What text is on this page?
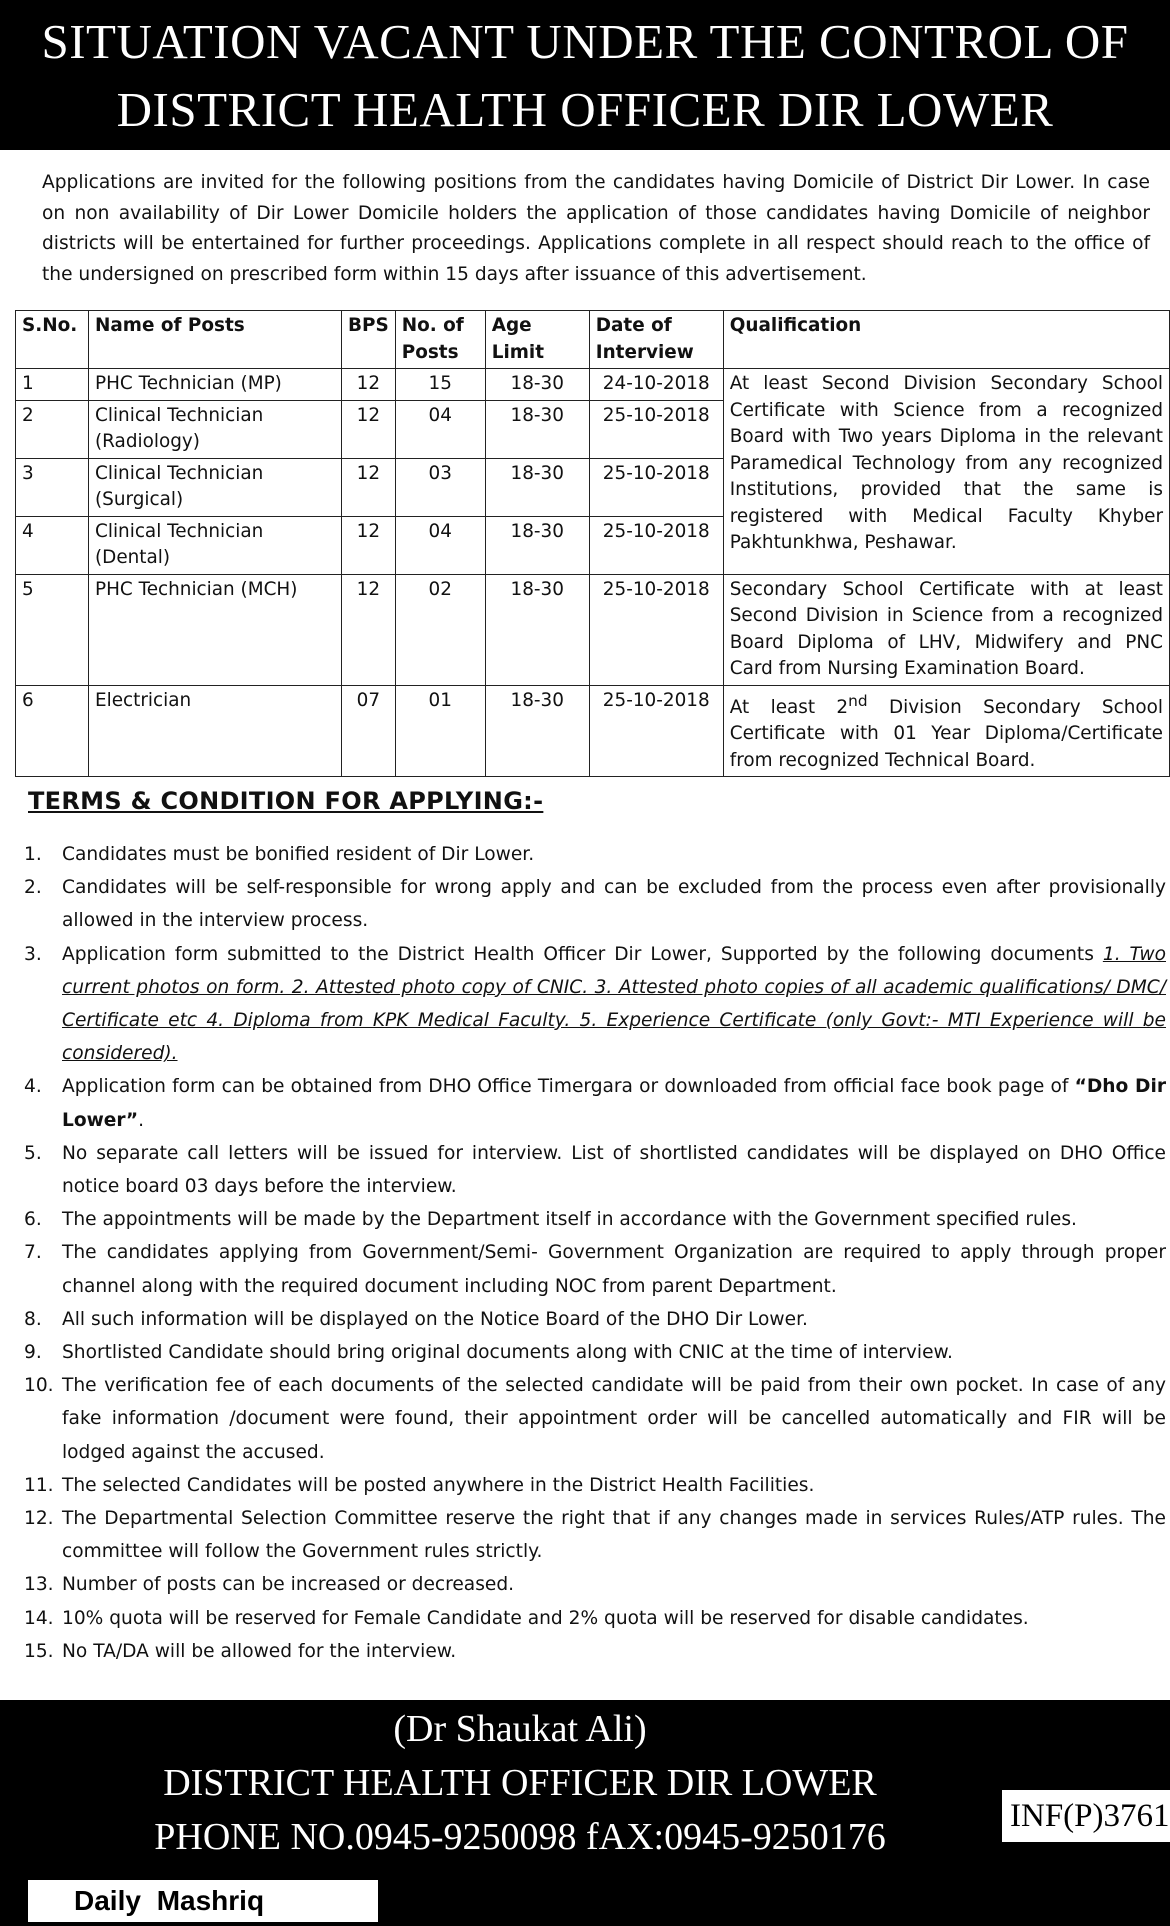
SITUATION VACANT UNDER THE CONTROL OF
DISTRICT HEALTH OFFICER DIR LOWER
Applications are invited for the following positions from the candidates having Domicile of District Dir Lower. In case on non availability of Dir Lower Domicile holders the application of those candidates having Domicile of neighbor districts will be entertained for further proceedings. Applications complete in all respect should reach to the office of the undersigned on prescribed form within 15 days after issuance of this advertisement.
S.No.	Name of Posts	BPS	No. of Posts	Age Limit	Date of Interview	Qualification
1	PHC Technician (MP)	12	15	18-30	24-10-2018	At least Second Division Secondary School Certificate with Science from a recognized Board with Two years Diploma in the relevant Paramedical Technology from any recognized Institutions, provided that the same is registered with Medical Faculty Khyber Pakhtunkhwa, Peshawar.
2	Clinical Technician (Radiology)	12	04	18-30	25-10-2018	
3	Clinical Technician (Surgical)	12	03	18-30	25-10-2018	
4	Clinical Technician (Dental)	12	04	18-30	25-10-2018	
5	PHC Technician (MCH)	12	02	18-30	25-10-2018	Secondary School Certificate with at least Second Division in Science from a recognized Board Diploma of LHV, Midwifery and PNC Card from Nursing Examination Board.
6	Electrician	07	01	18-30	25-10-2018	At least 2nd Division Secondary School Certificate with 01 Year Diploma/Certificate from recognized Technical Board.
TERMS & CONDITION FOR APPLYING:-
1.	Candidates must be bonified resident of Dir Lower.
2.	Candidates will be self-responsible for wrong apply and can be excluded from the process even after provisionally allowed in the interview process.
3.	Application form submitted to the District Health Officer Dir Lower, Supported by the following documents 1. Two current photos on form. 2. Attested photo copy of CNIC. 3. Attested photo copies of all academic qualifications/ DMC/ Certificate etc 4. Diploma from KPK Medical Faculty. 5. Experience Certificate (only Govt:- MTI Experience will be considered).
4.	Application form can be obtained from DHO Office Timergara or downloaded from official face book page of “Dho Dir Lower”.
5.	No separate call letters will be issued for interview. List of shortlisted candidates will be displayed on DHO Office notice board 03 days before the interview.
6.	The appointments will be made by the Department itself in accordance with the Government specified rules.
7.	The candidates applying from Government/Semi- Government Organization are required to apply through proper channel along with the required document including NOC from parent Department.
8.	All such information will be displayed on the Notice Board of the DHO Dir Lower.
9.	Shortlisted Candidate should bring original documents along with CNIC at the time of interview.
10. The verification fee of each documents of the selected candidate will be paid from their own pocket. In case of any fake information /document were found, their appointment order will be cancelled automatically and FIR will be lodged against the accused.
11. The selected Candidates will be posted anywhere in the District Health Facilities.
12. The Departmental Selection Committee reserve the right that if any changes made in services Rules/ATP rules. The committee will follow the Government rules strictly.
13. Number of posts can be increased or decreased.
14. 10% quota will be reserved for Female Candidate and 2% quota will be reserved for disable candidates.
15. No TA/DA will be allowed for the interview.
(Dr Shaukat Ali)
DISTRICT HEALTH OFFICER DIR LOWER
PHONE NO.0945-9250098 fAX:0945-9250176	INF(P)3761
Daily Mashriq
